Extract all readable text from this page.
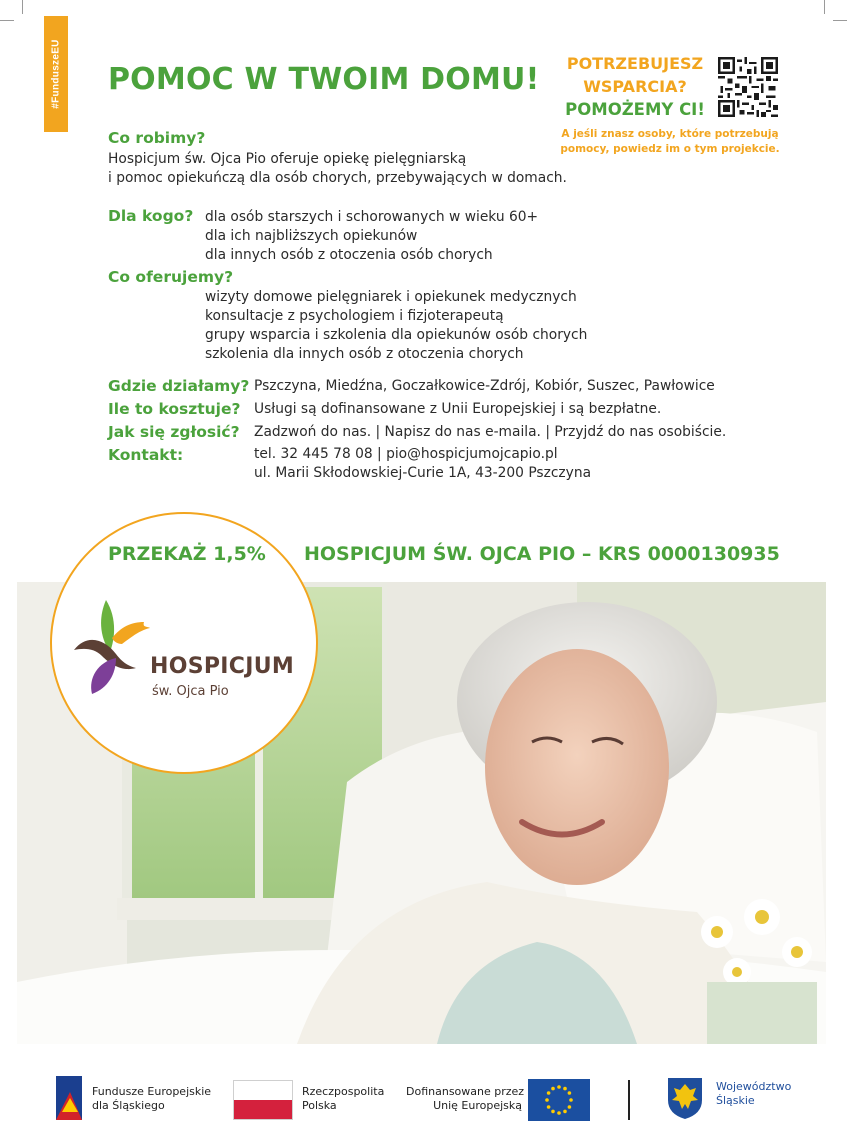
#FunduszeEU POMOC W TWOIM DOMU!	POTRZEBUJESZ
WSPARCIA?
POMOŻEMY CI!
A jeśli znasz osoby, które potrzebują
pomocy, powiedz im o tym projekcie.
Co robimy?
Hospicjum św. Ojca Pio oferuje opiekę pielęgniarską
i pomoc opiekuńczą dla osób chorych, przebywających w domach.
Dla kogo? dla osób starszych i schorowanych w wieku 60+
dla ich najbliższych opiekunów
dla innych osób z otoczenia osób chorych
Co oferujemy?
wizyty domowe pielęgniarek i opiekunek medycznych
konsultacje z psychologiem i fizjoterapeutą
grupy wsparcia i szkolenia dla opiekunów osób chorych
szkolenia dla innych osób z otoczenia chorych
Gdzie działamy? Pszczyna, Miedźna, Goczałkowice-Zdrój, Kobiór, Suszec, Pawłowice
Ile to kosztuje? Usługi są dofinansowane z Unii Europejskiej i są bezpłatne.
Jak się zgłosić? Zadzwoń do nas. | Napisz do nas e-maila. | Przyjdź do nas osobiście.
Kontakt:	tel. 32 445 78 08 | pio@hospicjumojcapio.pl
ul. Marii Skłodowskiej-Curie 1A, 43-200 Pszczyna
PRZEKAŻ 1,5% HOSPICJUM ŚW. OJCA PIO – KRS 0000130935
HOSPICJUM
św. Ojca Pio
Fundusze Europejskie
dla Śląskiego
Rzeczpospolita
Polska
Dofinansowane przez
Unię Europejską
Województwo
Śląskie
